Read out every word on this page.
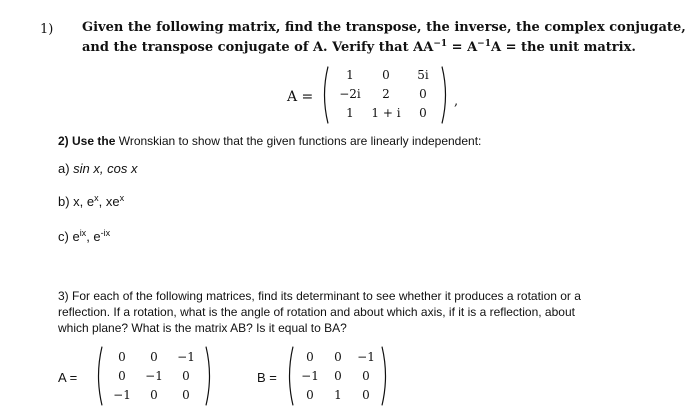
1) Given the following matrix, find the transpose, the inverse, the complex conjugate,
and the transpose conjugate of A. Verify that $AA^{-1} = A^{-1}A$ = the unit matrix.
A =
1	0	5i
−2i	2	0
1	1 + i	0
,
2) Use the Wronskian to show that the given functions are linearly independent:
a) sin x, cos x
b) x, $e^x$, $xe^x$
c) $e^{ix}$, $e^{-ix}$
3) For each of the following matrices, find its determinant to see whether it produces a rotation or a
reflection. If a rotation, what is the angle of rotation and about which axis, if it is a reflection, about
which plane? What is the matrix AB? Is it equal to BA?
A =
0	0	−1
0	−1	0
−1	0	0
B =
0	0	−1
−1	0	0
0	1	0
